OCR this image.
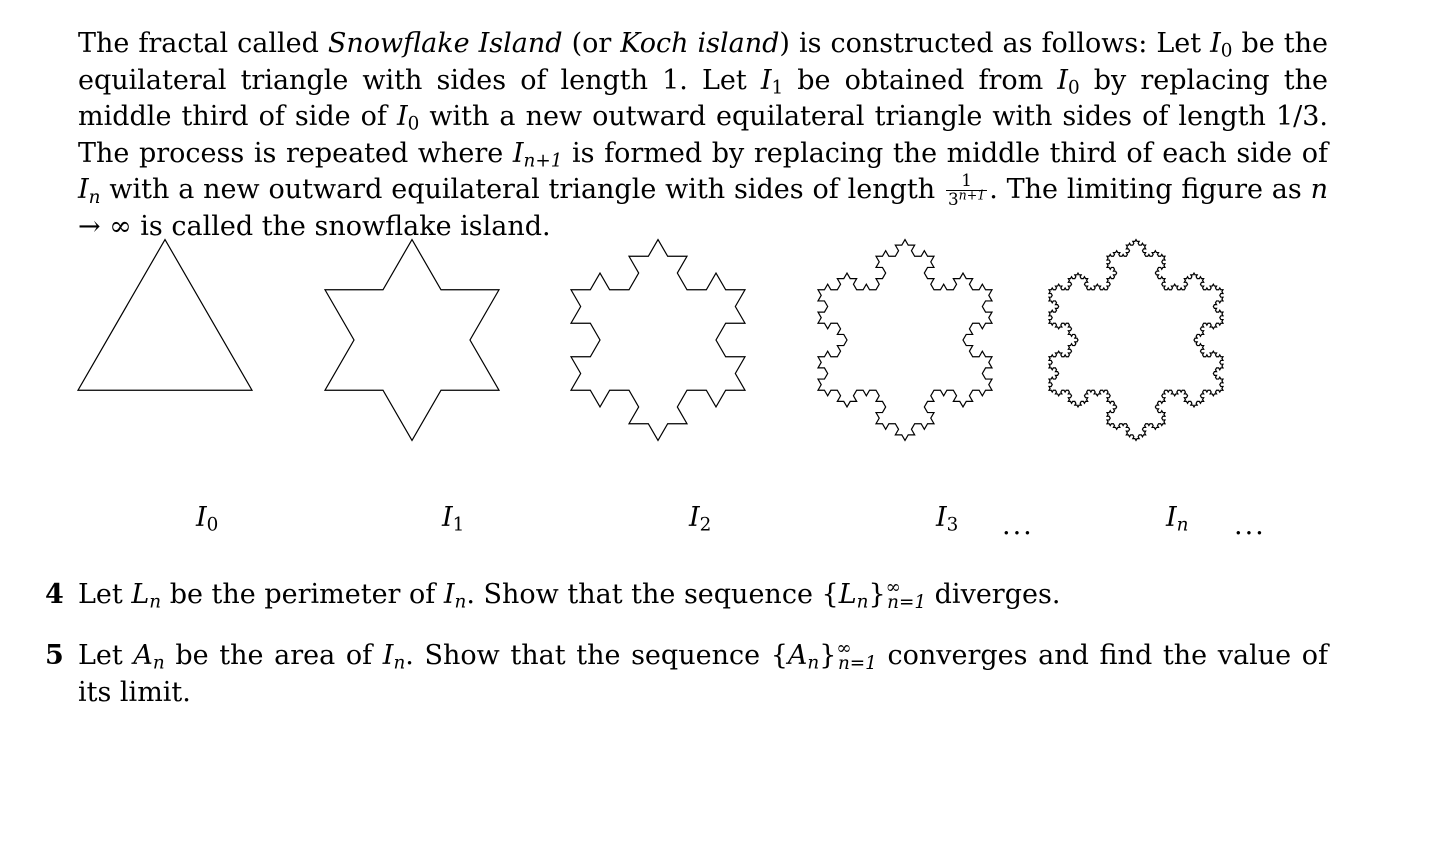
The fractal called Snowflake Island (or Koch island) is constructed as follows: Let $I_0$ be the equilateral triangle with sides of length 1. Let $I_1$ be obtained from $I_0$ by replacing the middle third of side of $I_0$ with a new outward equilateral triangle with sides of length 1/3. The process is repeated where $I_{n+1}$ is formed by replacing the middle third of each side of $I_n$ with a new outward equilateral triangle with sides of length $\frac{1}{3^{n+1}}$ . The limiting figure as n → ∞ is called the snowflake island.

$I_0$	$I_1$	$I_2$	$I_3$ ...	$I_n$ ...

4 Let $L_n$ be the perimeter of $I_n$. Show that the sequence $\{L_n\}^\infty_{n=1}$ diverges.

5 Let $A_n$ be the area of $I_n$. Show that the sequence $\{A_n\}^\infty_{n=1}$ converges and find the value of its limit.
